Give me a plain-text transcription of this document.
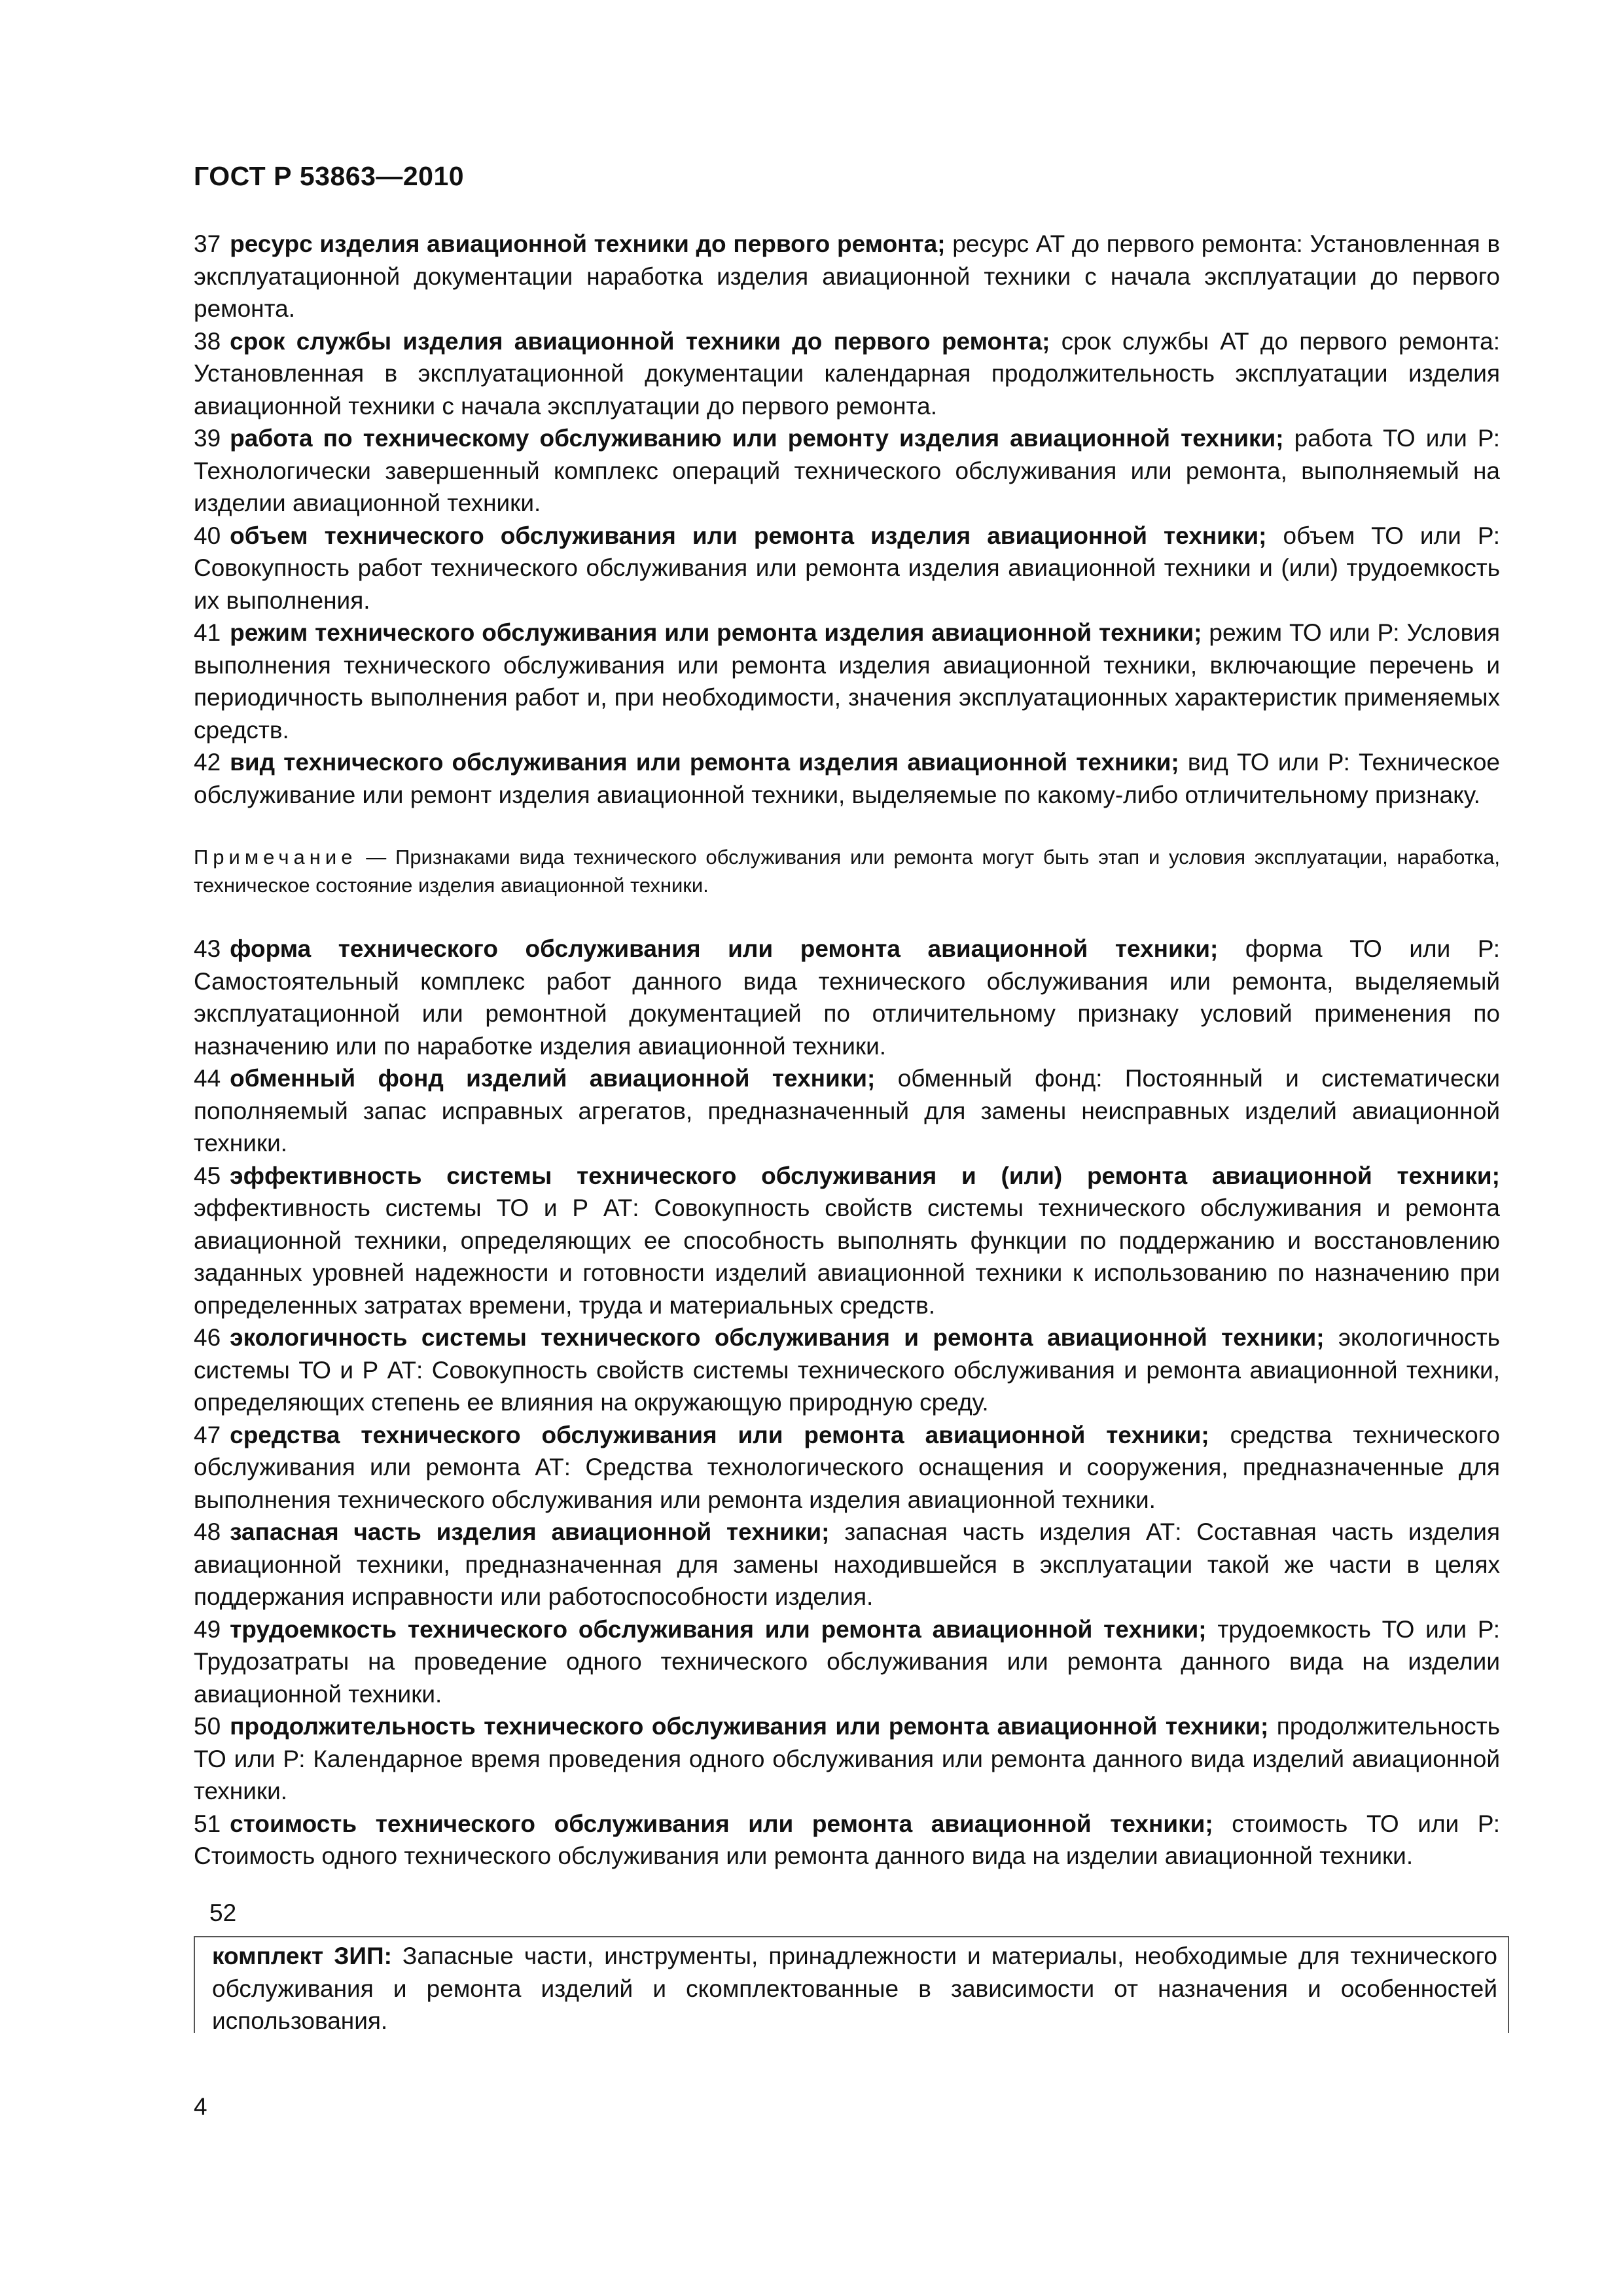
ГОСТ Р 53863—2010

37 ресурс изделия авиационной техники до первого ремонта; ресурс АТ до первого ремонта: Установленная в эксплуатационной документации наработка изделия авиационной техники с начала эксплуатации до первого ремонта.

38 срок службы изделия авиационной техники до первого ремонта; срок службы АТ до первого ремонта: Установленная в эксплуатационной документации календарная продолжительность эксплуатации изделия авиационной техники с начала эксплуатации до первого ремонта.

39 работа по техническому обслуживанию или ремонту изделия авиационной техники; работа ТО или Р: Технологически завершенный комплекс операций технического обслуживания или ремонта, выполняемый на изделии авиационной техники.

40 объем технического обслуживания или ремонта изделия авиационной техники; объем ТО или Р: Совокупность работ технического обслуживания или ремонта изделия авиационной техники и (или) трудоемкость их выполнения.

41 режим технического обслуживания или ремонта изделия авиационной техники; режим ТО или Р: Условия выполнения технического обслуживания или ремонта изделия авиационной техники, включающие перечень и периодичность выполнения работ и, при необходимости, значения эксплуатационных характеристик применяемых средств.

42 вид технического обслуживания или ремонта изделия авиационной техники; вид ТО или Р: Техническое обслуживание или ремонт изделия авиационной техники, выделяемые по какому-либо отличительному признаку.

Примечание — Признаками вида технического обслуживания или ремонта могут быть этап и условия эксплуатации, наработка, техническое состояние изделия авиационной техники.

43 форма технического обслуживания или ремонта авиационной техники; форма ТО или Р: Самостоятельный комплекс работ данного вида технического обслуживания или ремонта, выделяемый эксплуатационной или ремонтной документацией по отличительному признаку условий применения по назначению или по наработке изделия авиационной техники.

44 обменный фонд изделий авиационной техники; обменный фонд: Постоянный и систематически пополняемый запас исправных агрегатов, предназначенный для замены неисправных изделий авиационной техники.

45 эффективность системы технического обслуживания и (или) ремонта авиационной техники; эффективность системы ТО и Р АТ: Совокупность свойств системы технического обслуживания и ремонта авиационной техники, определяющих ее способность выполнять функции по поддержанию и восстановлению заданных уровней надежности и готовности изделий авиационной техники к использованию по назначению при определенных затратах времени, труда и материальных средств.

46 экологичность системы технического обслуживания и ремонта авиационной техники; экологичность системы ТО и Р АТ: Совокупность свойств системы технического обслуживания и ремонта авиационной техники, определяющих степень ее влияния на окружающую природную среду.

47 средства технического обслуживания или ремонта авиационной техники; средства технического обслуживания или ремонта АТ: Средства технологического оснащения и сооружения, предназначенные для выполнения технического обслуживания или ремонта изделия авиационной техники.

48 запасная часть изделия авиационной техники; запасная часть изделия АТ: Составная часть изделия авиационной техники, предназначенная для замены находившейся в эксплуатации такой же части в целях поддержания исправности или работоспособности изделия.

49 трудоемкость технического обслуживания или ремонта авиационной техники; трудоемкость ТО или Р: Трудозатраты на проведение одного технического обслуживания или ремонта данного вида на изделии авиационной техники.

50 продолжительность технического обслуживания или ремонта авиационной техники; продолжительность ТО или Р: Календарное время проведения одного обслуживания или ремонта данного вида изделий авиационной техники.

51 стоимость технического обслуживания или ремонта авиационной техники; стоимость ТО или Р: Стоимость одного технического обслуживания или ремонта данного вида на изделии авиационной техники.

52

комплект ЗИП: Запасные части, инструменты, принадлежности и материалы, необходимые для технического обслуживания и ремонта изделий и скомплектованные в зависимости от назначения и особенностей использования.

4
